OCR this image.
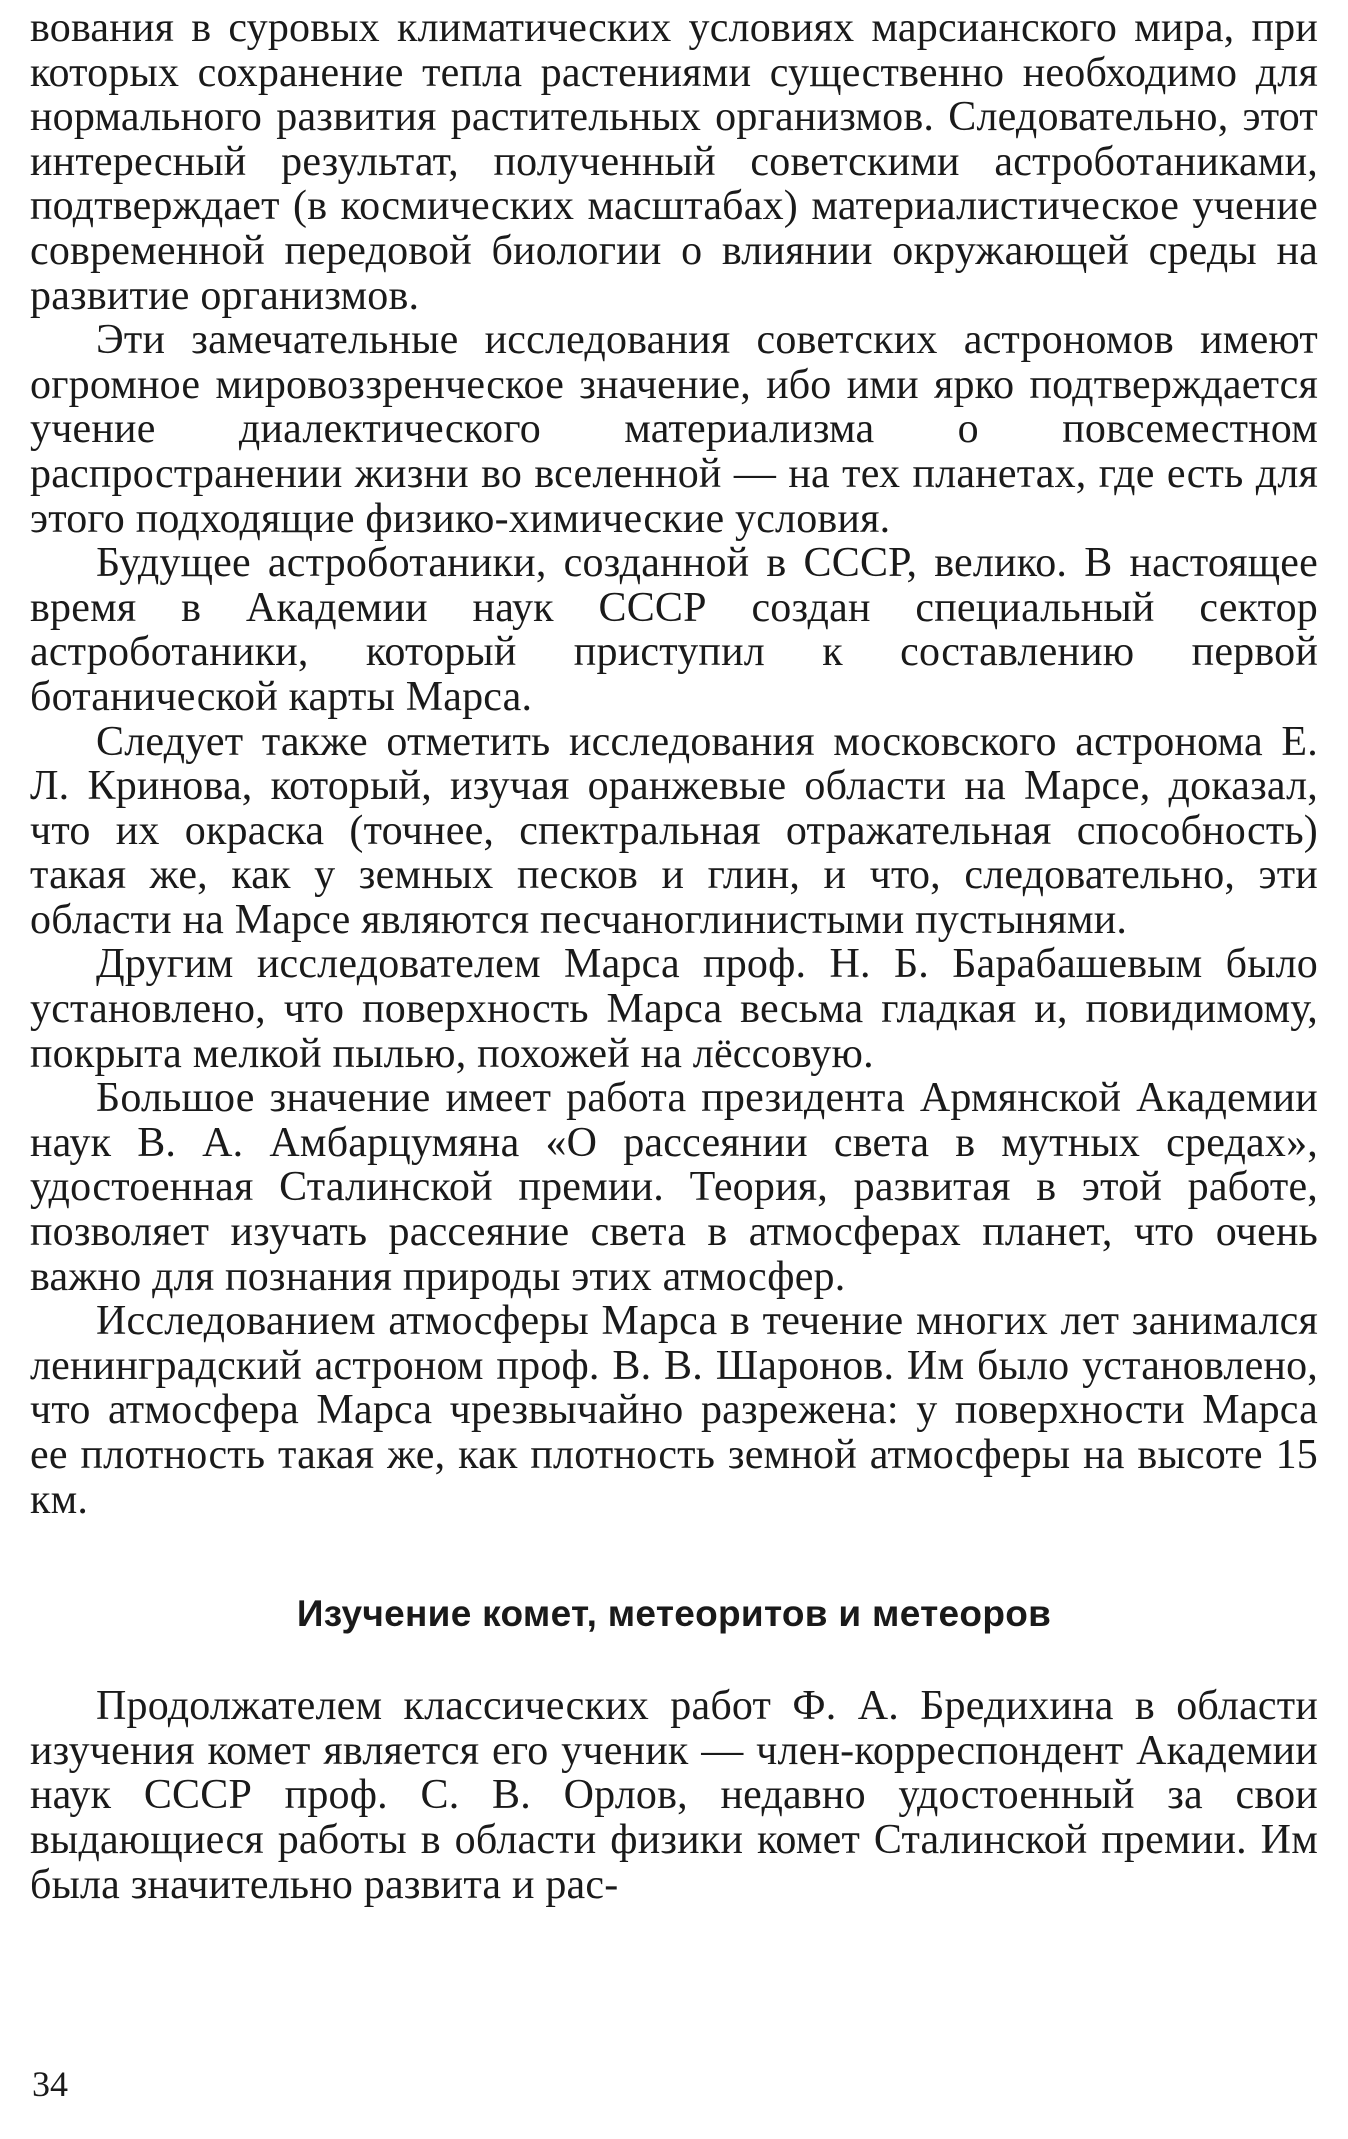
вования в суровых климатических условиях марсианского мира, при которых сохранение тепла растениями существенно необходимо для нормального развития растительных организмов. Следовательно, этот интересный результат, полученный советскими астроботаниками, подтверждает (в космических масштабах) материалистическое учение современной передовой биологии о влиянии окружающей среды на развитие организмов.

Эти замечательные исследования советских астрономов имеют огромное мировоззренческое значение, ибо ими ярко подтверждается учение диалектического материализма о повсеместном распространении жизни во вселенной — на тех планетах, где есть для этого подходящие физико-химические условия.

Будущее астроботаники, созданной в СССР, велико. В настоящее время в Академии наук СССР создан специальный сектор астроботаники, который приступил к составлению первой ботанической карты Марса.

Следует также отметить исследования московского астронома Е. Л. Кринова, который, изучая оранжевые области на Марсе, доказал, что их окраска (точнее, спектральная отражательная способность) такая же, как у земных песков и глин, и что, следовательно, эти области на Марсе являются песчаноглинистыми пустынями.

Другим исследователем Марса проф. Н. Б. Барабашевым было установлено, что поверхность Марса весьма гладкая и, повидимому, покрыта мелкой пылью, похожей на лёссовую.

Большое значение имеет работа президента Армянской Академии наук В. А. Амбарцумяна «О рассеянии света в мутных средах», удостоенная Сталинской премии. Теория, развитая в этой работе, позволяет изучать рассеяние света в атмосферах планет, что очень важно для познания природы этих атмосфер.

Исследованием атмосферы Марса в течение многих лет занимался ленинградский астроном проф. В. В. Шаронов. Им было установлено, что атмосфера Марса чрезвычайно разрежена: у поверхности Марса ее плотность такая же, как плотность земной атмосферы на высоте 15 км.

Изучение комет, метеоритов и метеоров

Продолжателем классических работ Ф. А. Бредихина в области изучения комет является его ученик — член-корреспондент Академии наук СССР проф. С. В. Орлов, недавно удостоенный за свои выдающиеся работы в области физики комет Сталинской премии. Им была значительно развита и рас-

34
